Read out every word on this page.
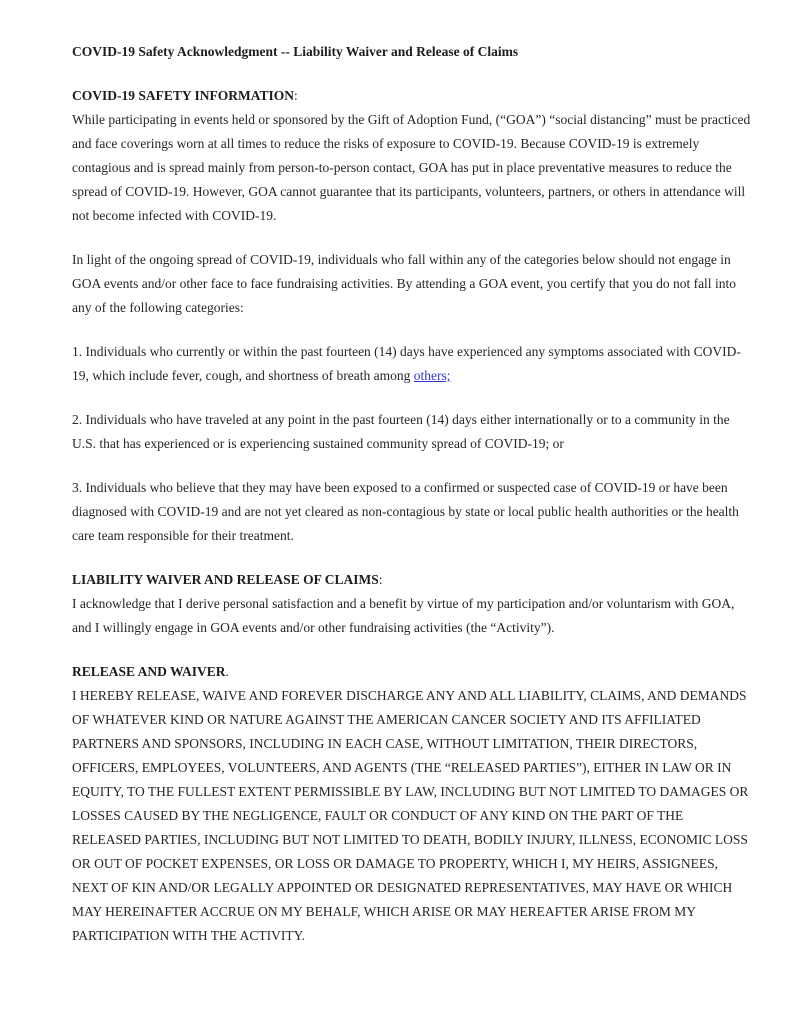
COVID-19 Safety Acknowledgment -- Liability Waiver and Release of Claims
COVID-19 SAFETY INFORMATION:

While participating in events held or sponsored by the Gift of Adoption Fund, (“GOA”) “social distancing” must be practiced and face coverings worn at all times to reduce the risks of exposure to COVID-19. Because COVID-19 is extremely contagious and is spread mainly from person-to-person contact, GOA has put in place preventative measures to reduce the spread of COVID-19. However, GOA cannot guarantee that its participants, volunteers, partners, or others in attendance will not become infected with COVID-19.

In light of the ongoing spread of COVID-19, individuals who fall within any of the categories below should not engage in GOA events and/or other face to face fundraising activities. By attending a GOA event, you certify that you do not fall into any of the following categories:

1. Individuals who currently or within the past fourteen (14) days have experienced any symptoms associated with COVID-19, which include fever, cough, and shortness of breath among others;

2. Individuals who have traveled at any point in the past fourteen (14) days either internationally or to a community in the U.S. that has experienced or is experiencing sustained community spread of COVID-19; or

3. Individuals who believe that they may have been exposed to a confirmed or suspected case of COVID-19 or have been diagnosed with COVID-19 and are not yet cleared as non-contagious by state or local public health authorities or the health care team responsible for their treatment.

LIABILITY WAIVER AND RELEASE OF CLAIMS:

I acknowledge that I derive personal satisfaction and a benefit by virtue of my participation and/or voluntarism with GOA, and I willingly engage in GOA events and/or other fundraising activities (the “Activity”).

RELEASE AND WAIVER.

I HEREBY RELEASE, WAIVE AND FOREVER DISCHARGE ANY AND ALL LIABILITY, CLAIMS, AND DEMANDS OF WHATEVER KIND OR NATURE AGAINST THE AMERICAN CANCER SOCIETY AND ITS AFFILIATED PARTNERS AND SPONSORS, INCLUDING IN EACH CASE, WITHOUT LIMITATION, THEIR DIRECTORS, OFFICERS, EMPLOYEES, VOLUNTEERS, AND AGENTS (THE “RELEASED PARTIES”), EITHER IN LAW OR IN EQUITY, TO THE FULLEST EXTENT PERMISSIBLE BY LAW, INCLUDING BUT NOT LIMITED TO DAMAGES OR LOSSES CAUSED BY THE NEGLIGENCE, FAULT OR CONDUCT OF ANY KIND ON THE PART OF THE RELEASED PARTIES, INCLUDING BUT NOT LIMITED TO DEATH, BODILY INJURY, ILLNESS, ECONOMIC LOSS OR OUT OF POCKET EXPENSES, OR LOSS OR DAMAGE TO PROPERTY, WHICH I, MY HEIRS, ASSIGNEES, NEXT OF KIN AND/OR LEGALLY APPOINTED OR DESIGNATED REPRESENTATIVES, MAY HAVE OR WHICH MAY HEREINAFTER ACCRUE ON MY BEHALF, WHICH ARISE OR MAY HEREAFTER ARISE FROM MY PARTICIPATION WITH THE ACTIVITY.
